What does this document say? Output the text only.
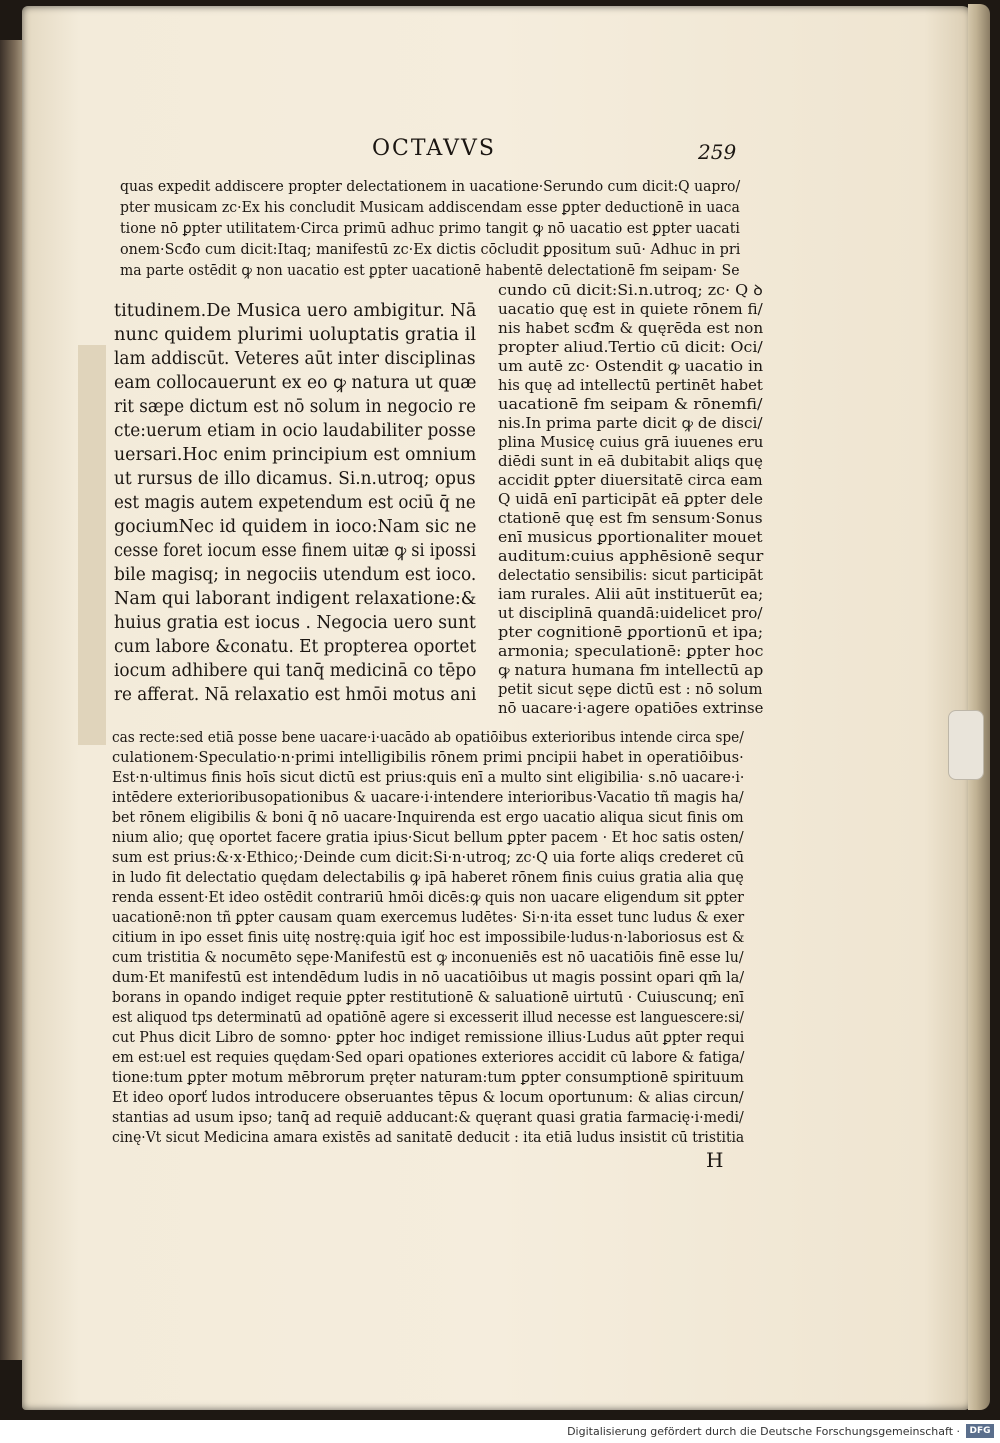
OCTAVVS	259

quas expedit addiscere propter delectationem in uacatione·Serundo cum dicit:Q uapro/

pter musicam zc·Ex his concludit Musicam addiscendam esse ꝑpter deductionē in uaca

tione nō ꝑpter utilitatem·Circa primū adhuc primo tangit ꝙ nō uacatio est ꝑpter uacati

onem·Scđo cum dicit:Itaq; manifestū zc·Ex dictis cōcludit ꝑpositum suū· Adhuc in pri

ma parte ostēdit ꝙ non uacatio est ꝑpter uacationē habentē delectationē fm seipam· Se

titudinem.De Musica uero ambigitur. Nā

nunc quidem plurimi uoluptatis gratia il

lam addiscūt. Veteres aūt inter disciplinas

eam collocauerunt ex eo ꝙ natura ut quæ

rit sæpe dictum est nō solum in negocio re

cte:uerum etiam in ocio laudabiliter posse

uersari.Hoc enim principium est omnium

ut rursus de illo dicamus. Si.n.utroq; opus

est magis autem expetendum est ociū q̄ ne

gociumNec id quidem in ioco:Nam sic ne

cesse foret iocum esse finem uitæ ꝙ si ipossi

bile magisq; in negociis utendum est ioco.

Nam qui laborant indigent relaxatione:&

huius gratia est iocus . Negocia uero sunt

cum labore &conatu. Et propterea oportet

iocum adhibere qui tanq̄ medicinā co tēpo

re afferat. Nā relaxatio est hmōi motus ani

cundo cū dicit:Si.n.utroq; zc· Q ꝺ

uacatio quę est in quiete rōnem fi/

nis habet scđm & quęrēda est non

propter aliud.Tertio cū dicit: Oci/

um autē zc· Ostendit ꝙ uacatio in

his quę ad intellectū pertinēt habet

uacationē fm seipam & rōnemfi/

nis.In prima parte dicit ꝙ de disci/

plina Musicę cuius grā iuuenes eru

diēdi sunt in eā dubitabit aliqs quę

accidit ꝑpter diuersitatē circa eam

Q uidā enī participāt eā ꝑpter dele

ctationē quę est fm sensum·Sonus

enī musicus ꝑportionaliter mouet

auditum:cuius apphēsionē sequr

delectatio sensibilis: sicut participāt

iam rurales. Alii aūt instituerūt ea;

ut disciplinā quandā:uidelicet pro/

pter cognitionē ꝑportionū et ipa;

armonia; speculationē: ꝑpter hoc

ꝙ natura humana fm intellectū ap

petit sicut sępe dictū est : nō solum

nō uacare·i·agere opatiōes extrinse

cas recte:sed etiā posse bene uacare·i·uacādo ab opatiōibus exterioribus intende circa spe/

culationem·Speculatio·n·primi intelligibilis rōnem primi pncipii habet in operatiōibus·

Est·n·ultimus finis hoīs sicut dictū est prius:quis enī a multo sint eligibilia· s.nō uacare·i·

intēdere exterioribusopationibus & uacare·i·intendere interioribus·Vacatio tñ magis ha/

bet rōnem eligibilis & boni q̄ nō uacare·Inquirenda est ergo uacatio aliqua sicut finis om

nium alio; quę oportet facere gratia ipius·Sicut bellum ꝑpter pacem · Et hoc satis osten/

sum est prius:&·x·Ethico;·Deinde cum dicit:Si·n·utroq; zc·Q uia forte aliqs crederet cū

in ludo fit delectatio quędam delectabilis ꝙ ipā haberet rōnem finis cuius gratia alia quę

renda essent·Et ideo ostēdit contrariū hmōi dicēs:ꝙ quis non uacare eligendum sit ꝑpter

uacationē:non tñ ꝑpter causam quam exercemus ludētes· Si·n·ita esset tunc ludus & exer

citium in ipo esset finis uitę nostrę:quia igiť hoc est impossibile·ludus·n·laboriosus est &

cum tristitia & nocumēto sępe·Manifestū est ꝙ inconueniēs est nō uacatiōis finē esse lu/

dum·Et manifestū est intendēdum ludis in nō uacatiōibus ut magis possint opari qm̄ la/

borans in opando indiget requie ꝑpter restitutionē & saluationē uirtutū · Cuiuscunq; enī

est aliquod tps determinatū ad opatiōnē agere si excesserit illud necesse est languescere:si/

cut Phus dicit Libro de somno· ꝑpter hoc indiget remissione illius·Ludus aūt ꝑpter requi

em est:uel est requies quędam·Sed opari opationes exteriores accidit cū labore & fatiga/

tione:tum ꝑpter motum mēbrorum pręter naturam:tum ꝑpter consumptionē spirituum

Et ideo oporť ludos introducere obseruantes tēpus & locum oportunum: & alias circun/

stantias ad usum ipso; tanq̄ ad requiē adducant:& quęrant quasi gratia farmacię·i·medi/

cinę·Vt sicut Medicina amara existēs ad sanitatē deducit : ita etiā ludus insistit cū tristitia

H

Digitalisierung gefördert durch die Deutsche Forschungsgemeinschaft ·	DFG
